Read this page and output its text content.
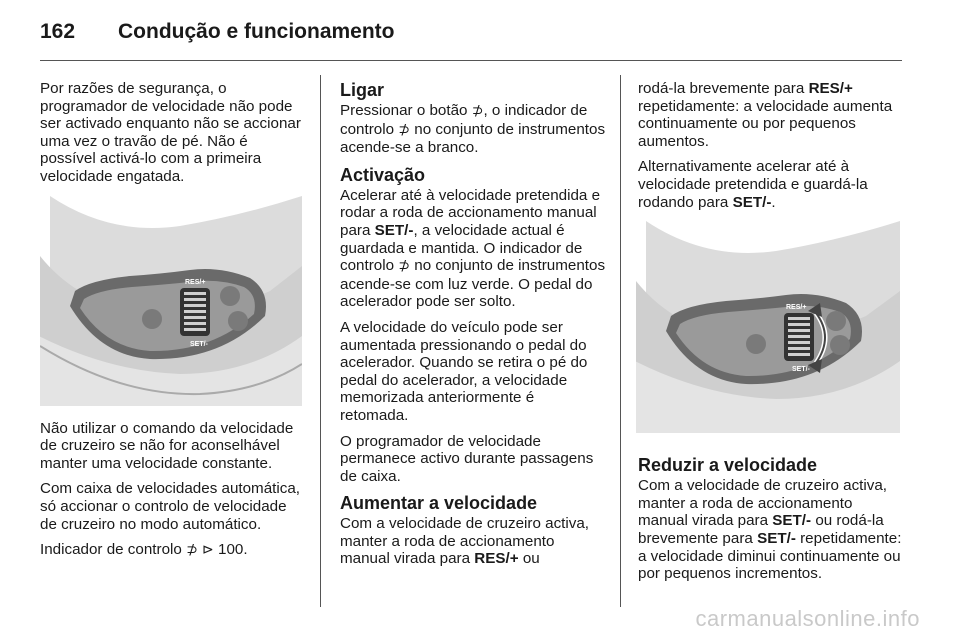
162 Condução e funcionamento

Por razões de segurança, o programador de velocidade não pode ser activado enquanto não se accionar uma vez o travão de pé. Não é possível activá-lo com a primeira velocidade engatada.

RES/+
SET/-

Não utilizar o comando da velocidade de cruzeiro se não for aconselhável manter uma velocidade constante.

Com caixa de velocidades automática, só accionar o controlo de velocidade de cruzeiro no modo automático.

Indicador de controlo ⊅ ⊳ 100.

Ligar

Pressionar o botão ⊅, o indicador de controlo ⊅ no conjunto de instrumentos acende-se a branco.

Activação

Acelerar até à velocidade pretendida e rodar a roda de accionamento manual para SET/-, a velocidade actual é guardada e mantida. O indicador de controlo ⊅ no conjunto de instrumentos acende-se com luz verde. O pedal do acelerador pode ser solto.

A velocidade do veículo pode ser aumentada pressionando o pedal do acelerador. Quando se retira o pé do pedal do acelerador, a velocidade memorizada anteriormente é retomada.

O programador de velocidade permanece activo durante passagens de caixa.

Aumentar a velocidade

Com a velocidade de cruzeiro activa, manter a roda de accionamento manual virada para RES/+ ou

rodá-la brevemente para RES/+ repetidamente: a velocidade aumenta continuamente ou por pequenos aumentos.

Alternativamente acelerar até à velocidade pretendida e guardá-la rodando para SET/-.

RES/+
SET/-
Reduzir a velocidade

Com a velocidade de cruzeiro activa, manter a roda de accionamento manual virada para SET/- ou rodá-la brevemente para SET/- repetidamente: a velocidade diminui continuamente ou por pequenos incrementos.

carmanualsonline.info
